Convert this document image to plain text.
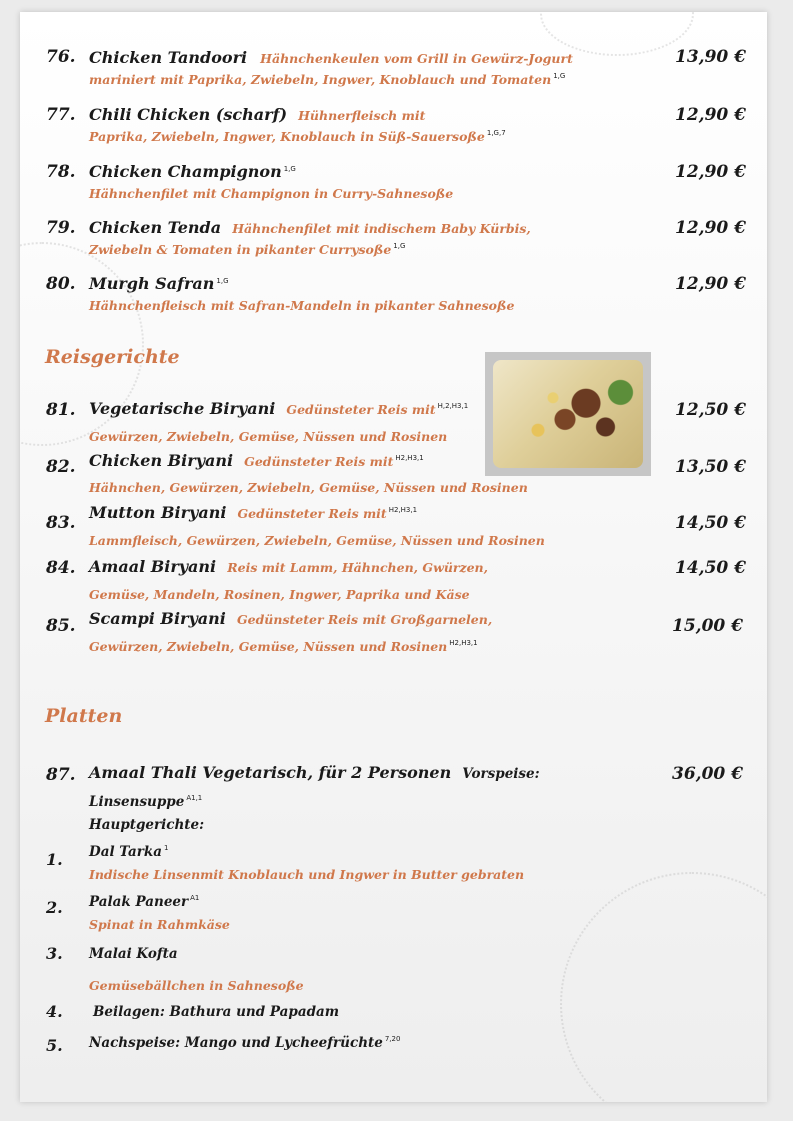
76. Chicken Tandoori Hähnchenkeulen vom Grill in Gewürz-Jogurt
mariniert mit Paprika, Zwiebeln, Ingwer, Knoblauch und Tomaten $^{1,G}$
13,90 €
77. Chili Chicken (scharf) Hühnerfleisch mit
Paprika, Zwiebeln, Ingwer, Knoblauch in Süß-Sauersoße $^{1,G,7}$
12,90 €
78. Chicken Champignon $^{1,G}$
Hähnchenfilet mit Champignon in Curry-Sahnesoße
12,90 €
79. Chicken Tenda Hähnchenfilet mit indischem Baby Kürbis,
Zwiebeln & Tomaten in pikanter Currysoße $^{1,G}$
12,90 €
80. Murgh Safran $^{1,G}$
Hähnchenfleisch mit Safran-Mandeln in pikanter Sahnesoße
12,90 €
Reisgerichte
81. Vegetarische Biryani Gedünsteter Reis mit $^{H,2,H3,1}$
Gewürzen, Zwiebeln, Gemüse, Nüssen und Rosinen
12,50 €
82. Chicken Biryani Gedünsteter Reis mit $^{H2,H3,1}$
Hähnchen, Gewürzen, Zwiebeln, Gemüse, Nüssen und Rosinen
13,50 €
83.
Mutton Biryani Gedünsteter Reis mit $^{H2,H3,1}$
Lammfleisch, Gewürzen, Zwiebeln, Gemüse, Nüssen und Rosinen
14,50 €
84. Amaal Biryani Reis mit Lamm, Hähnchen, Gwürzen,
Gemüse, Mandeln, Rosinen, Ingwer, Paprika und Käse
14,50 €
85. Scampi Biryani Gedünsteter Reis mit Großgarnelen,
Gewürzen, Zwiebeln, Gemüse, Nüssen und Rosinen $^{H2,H3,1}$
15,00 €
Platten
87. Amaal Thali Vegetarisch, für 2 Personen Vorspeise:	36,00 €
Linsensuppe $^{A1,1}$
Hauptgerichte:
1. Dal Tarka $^1$
Indische Linsenmit Knoblauch und Ingwer in Butter gebraten
2. Palak Paneer $^{A1}$
Spinat in Rahmkäse
3. Malai Kofta
Gemüsebällchen in Sahnesoße
4. Beilagen: Bathura und Papadam
5. Nachspeise: Mango und Lycheefrüchte $^{7,20}$
